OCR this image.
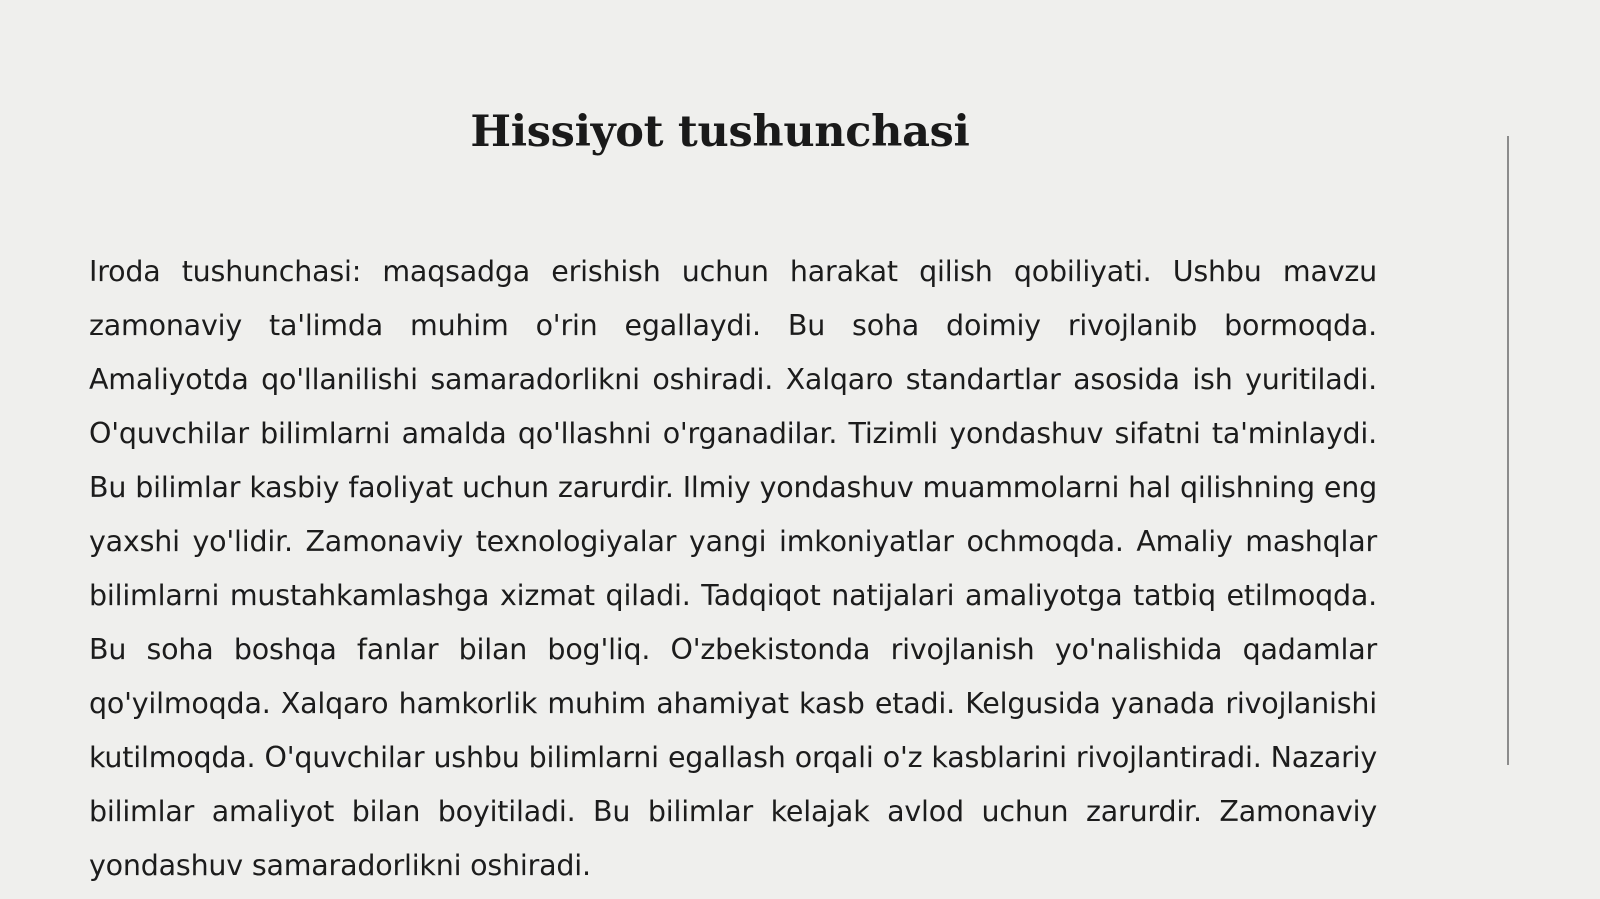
Hissiyot tushunchasi

Iroda tushunchasi: maqsadga erishish uchun harakat qilish qobiliyati. Ushbu mavzu zamonaviy ta'limda muhim o'rin egallaydi. Bu soha doimiy rivojlanib bormoqda. Amaliyotda qo'llanilishi samaradorlikni oshiradi. Xalqaro standartlar asosida ish yuritiladi. O'quvchilar bilimlarni amalda qo'llashni o'rganadilar. Tizimli yondashuv sifatni ta'minlaydi. Bu bilimlar kasbiy faoliyat uchun zarurdir. Ilmiy yondashuv muammolarni hal qilishning eng yaxshi yo'lidir. Zamonaviy texnologiyalar yangi imkoniyatlar ochmoqda. Amaliy mashqlar bilimlarni mustahkamlashga xizmat qiladi. Tadqiqot natijalari amaliyotga tatbiq etilmoqda. Bu soha boshqa fanlar bilan bog'liq. O'zbekistonda rivojlanish yo'nalishida qadamlar qo'yilmoqda. Xalqaro hamkorlik muhim ahamiyat kasb etadi. Kelgusida yanada rivojlanishi kutilmoqda. O'quvchilar ushbu bilimlarni egallash orqali o'z kasblarini rivojlantiradi. Nazariy bilimlar amaliyot bilan boyitiladi. Bu bilimlar kelajak avlod uchun zarurdir. Zamonaviy yondashuv samaradorlikni oshiradi.
